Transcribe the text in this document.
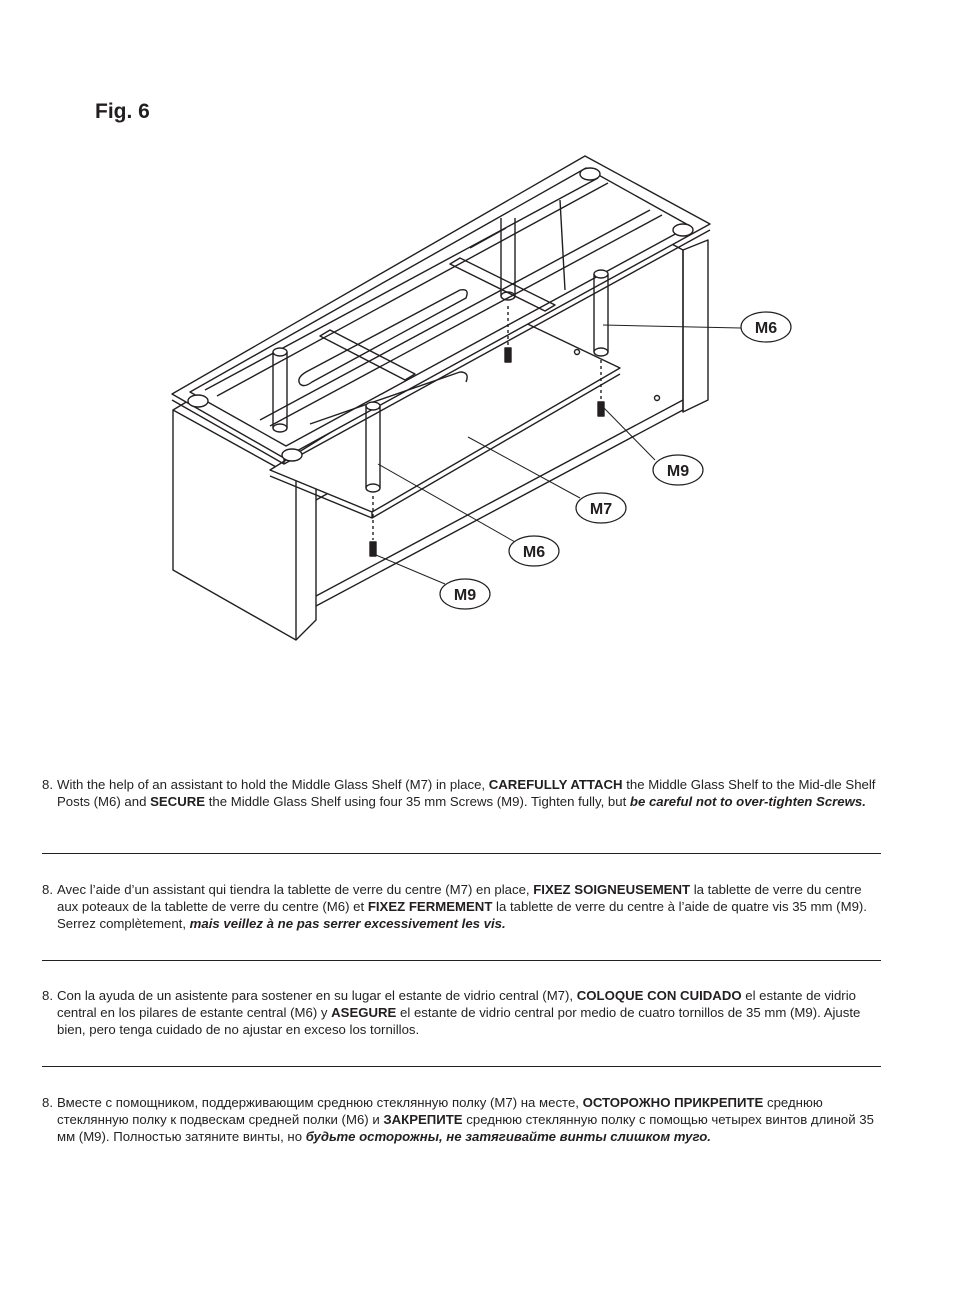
Fig. 6
M6
M9
M7
M6
M9
8. With the help of an assistant to hold the Middle Glass Shelf (M7) in place, CAREFULLY ATTACH the Middle Glass Shelf to the Mid-dle Shelf Posts (M6) and SECURE the Middle Glass Shelf using four 35 mm Screws (M9). Tighten fully, but be careful not to over-tighten Screws.
8. Avec l’aide d’un assistant qui tiendra la tablette de verre du centre (M7) en place, FIXEZ SOIGNEUSEMENT la tablette de verre du centre aux poteaux de la tablette de verre du centre (M6) et FIXEZ FERMEMENT la tablette de verre du centre à l’aide de quatre vis 35 mm (M9). Serrez complètement, mais veillez à ne pas serrer excessivement les vis.
8. Con la ayuda de un asistente para sostener en su lugar el estante de vidrio central (M7), COLOQUE CON CUIDADO el estante de vidrio central en los pilares de estante central (M6) y ASEGURE el estante de vidrio central por medio de cuatro tornillos de 35 mm (M9). Ajuste bien, pero tenga cuidado de no ajustar en exceso los tornillos.
8. Вместе с помощником, поддерживающим среднюю стеклянную полку (М7) на месте, ОСТОРОЖНО ПРИКРЕПИТЕ среднюю стеклянную полку к подвескам средней полки (М6) и ЗАКРЕПИТЕ среднюю стеклянную полку с помощью четырех винтов длиной 35 мм (М9). Полностью затяните винты, но будьте осторожны, не затягивайте винты слишком туго.
